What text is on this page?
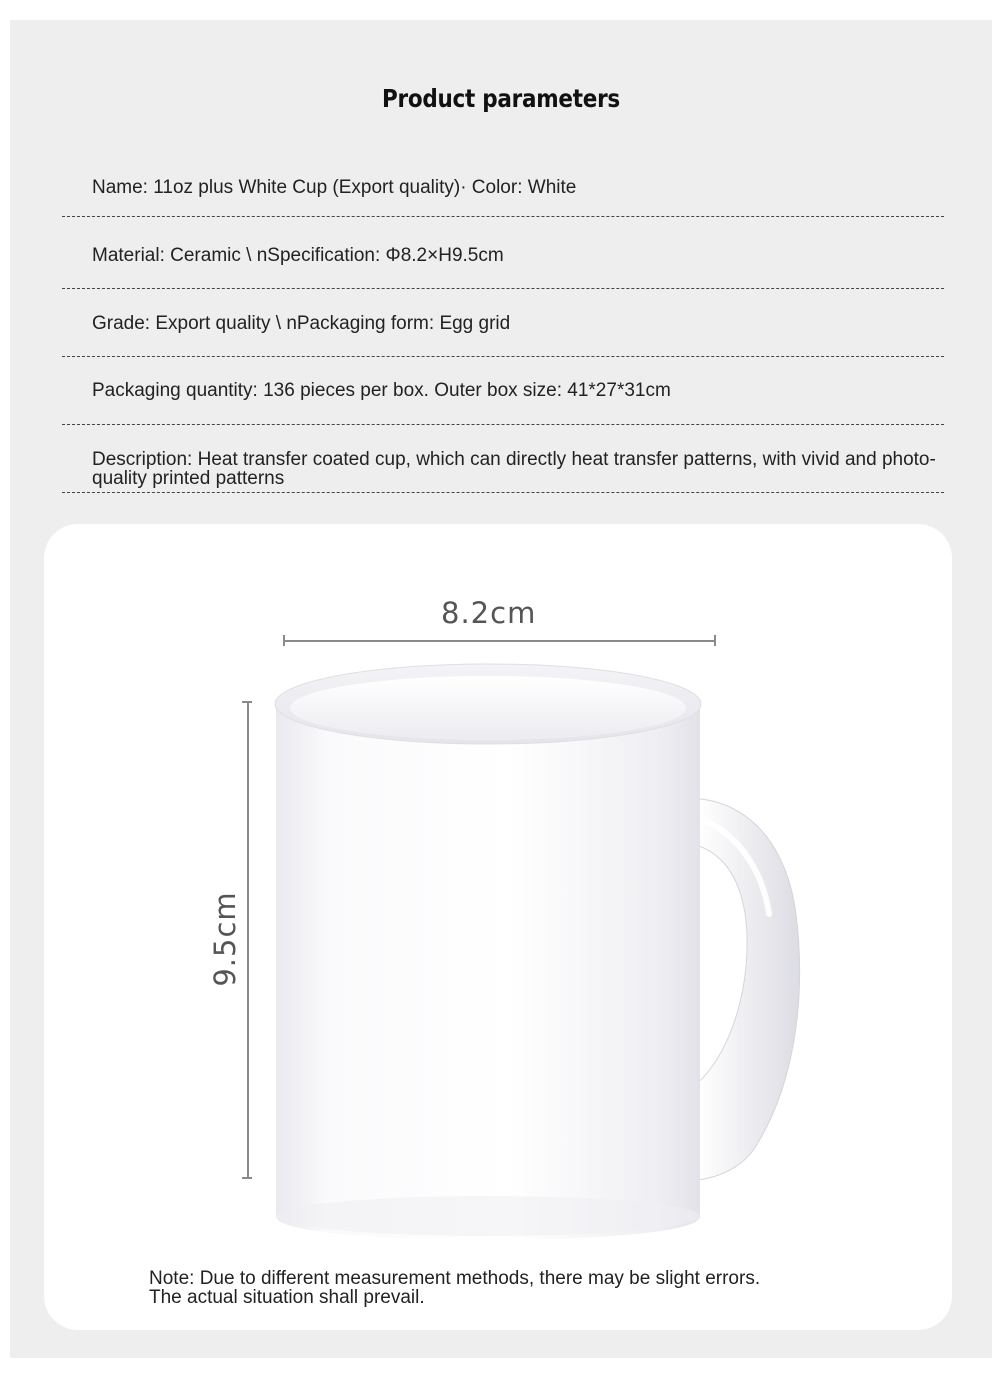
Product parameters
Name: 11oz plus White Cup (Export quality)· Color: White
Material: Ceramic \ nSpecification: Φ8.2×H9.5cm
Grade: Export quality \ nPackaging form: Egg grid
Packaging quantity: 136 pieces per box. Outer box size: 41*27*31cm
Description: Heat transfer coated cup, which can directly heat transfer patterns, with vivid and photo-quality printed patterns
8.2cm
9.5cm
Note: Due to different measurement methods, there may be slight errors.
The actual situation shall prevail.
